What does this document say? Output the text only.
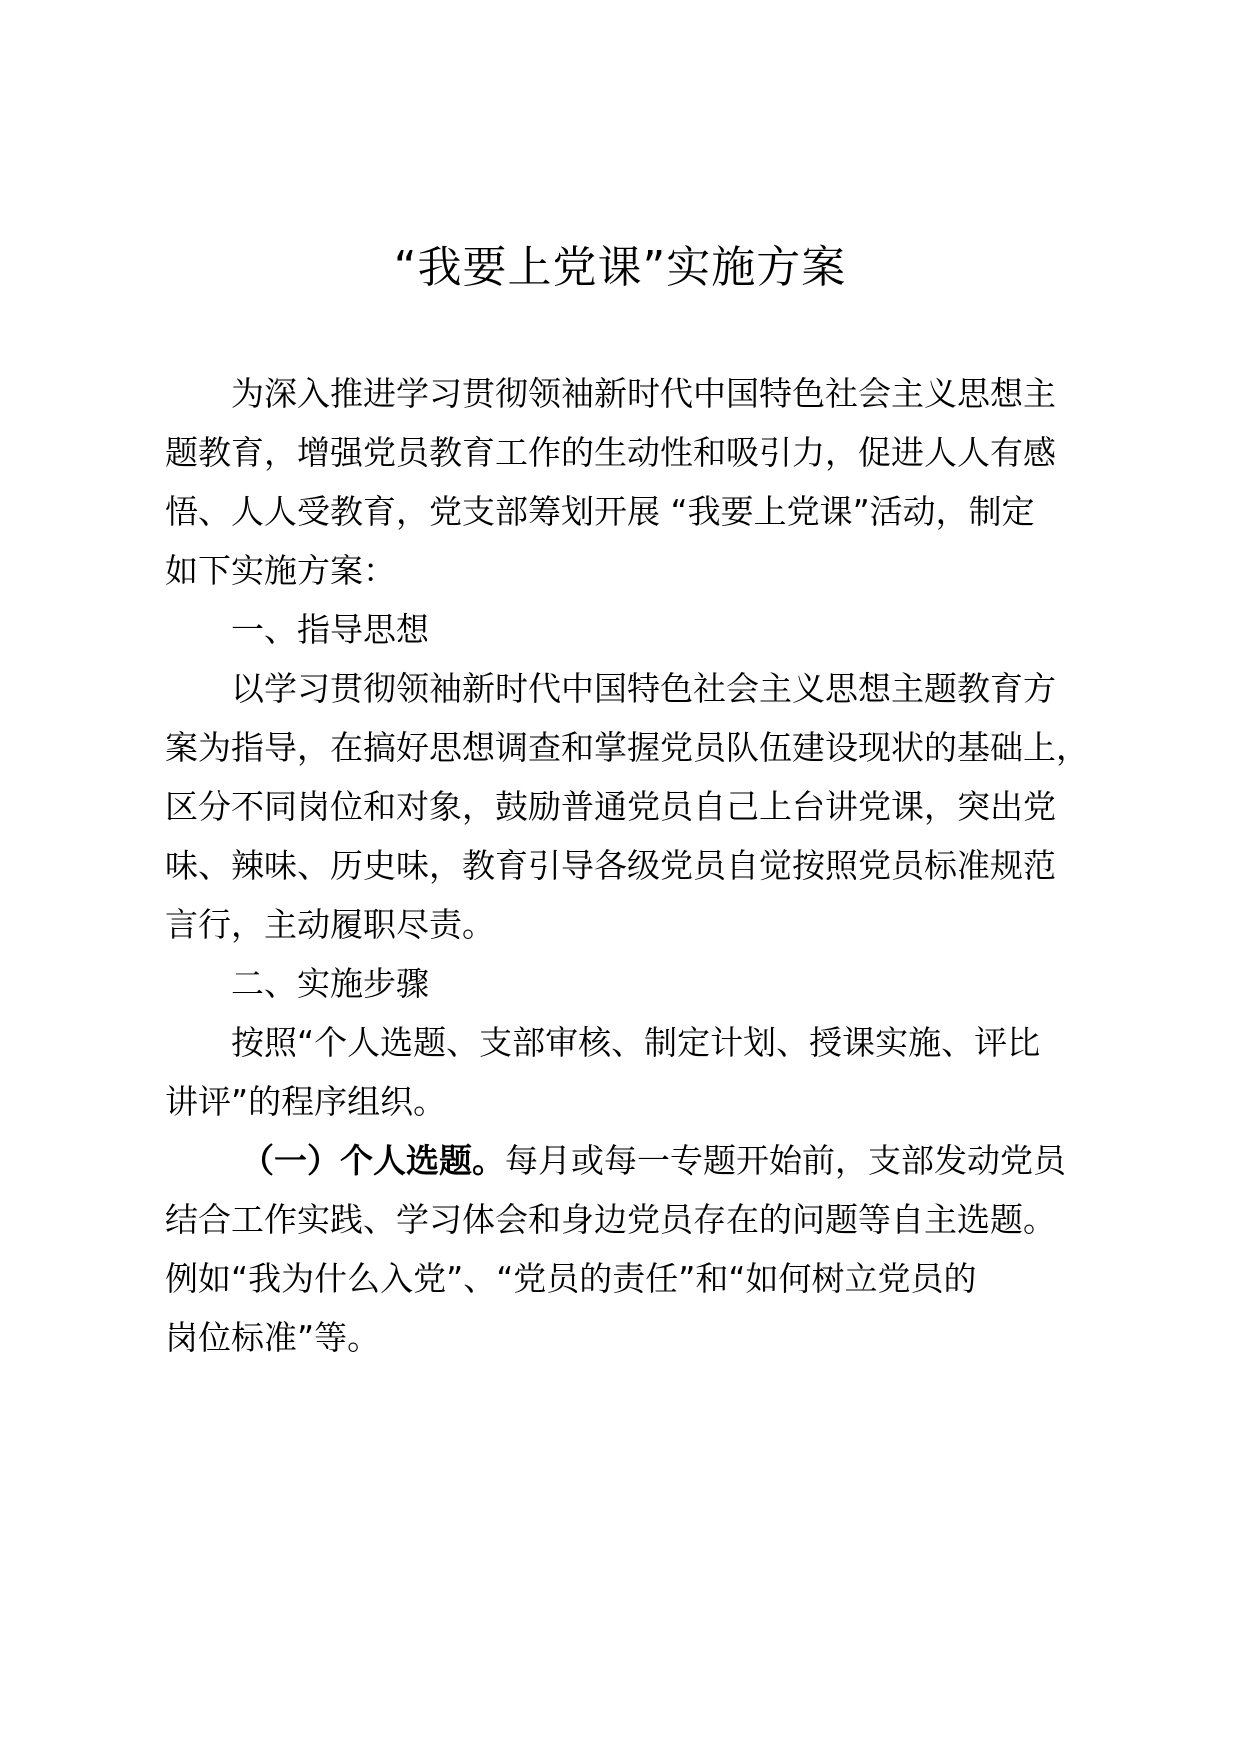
“我要上党课”实施方案
为深入推进学习贯彻领袖新时代中国特色社会主义思想主
题教育，增强党员教育工作的生动性和吸引力，促进人人有感
悟、人人受教育，党支部筹划开展 “我要上党课”活动，制定
如下实施方案：
一、指导思想
以学习贯彻领袖新时代中国特色社会主义思想主题教育方
案为指导，在搞好思想调查和掌握党员队伍建设现状的基础上，
区分不同岗位和对象，鼓励普通党员自己上台讲党课，突出党
味、辣味、历史味，教育引导各级党员自觉按照党员标准规范
言行，主动履职尽责。
二、实施步骤
按照“个人选题、支部审核、制定计划、授课实施、评比
讲评”的程序组织。
（一）个人选题。每月或每一专题开始前，支部发动党员
结合工作实践、学习体会和身边党员存在的问题等自主选题。
例如“我为什么入党”、“党员的责任”和“如何树立党员的
岗位标准”等。
